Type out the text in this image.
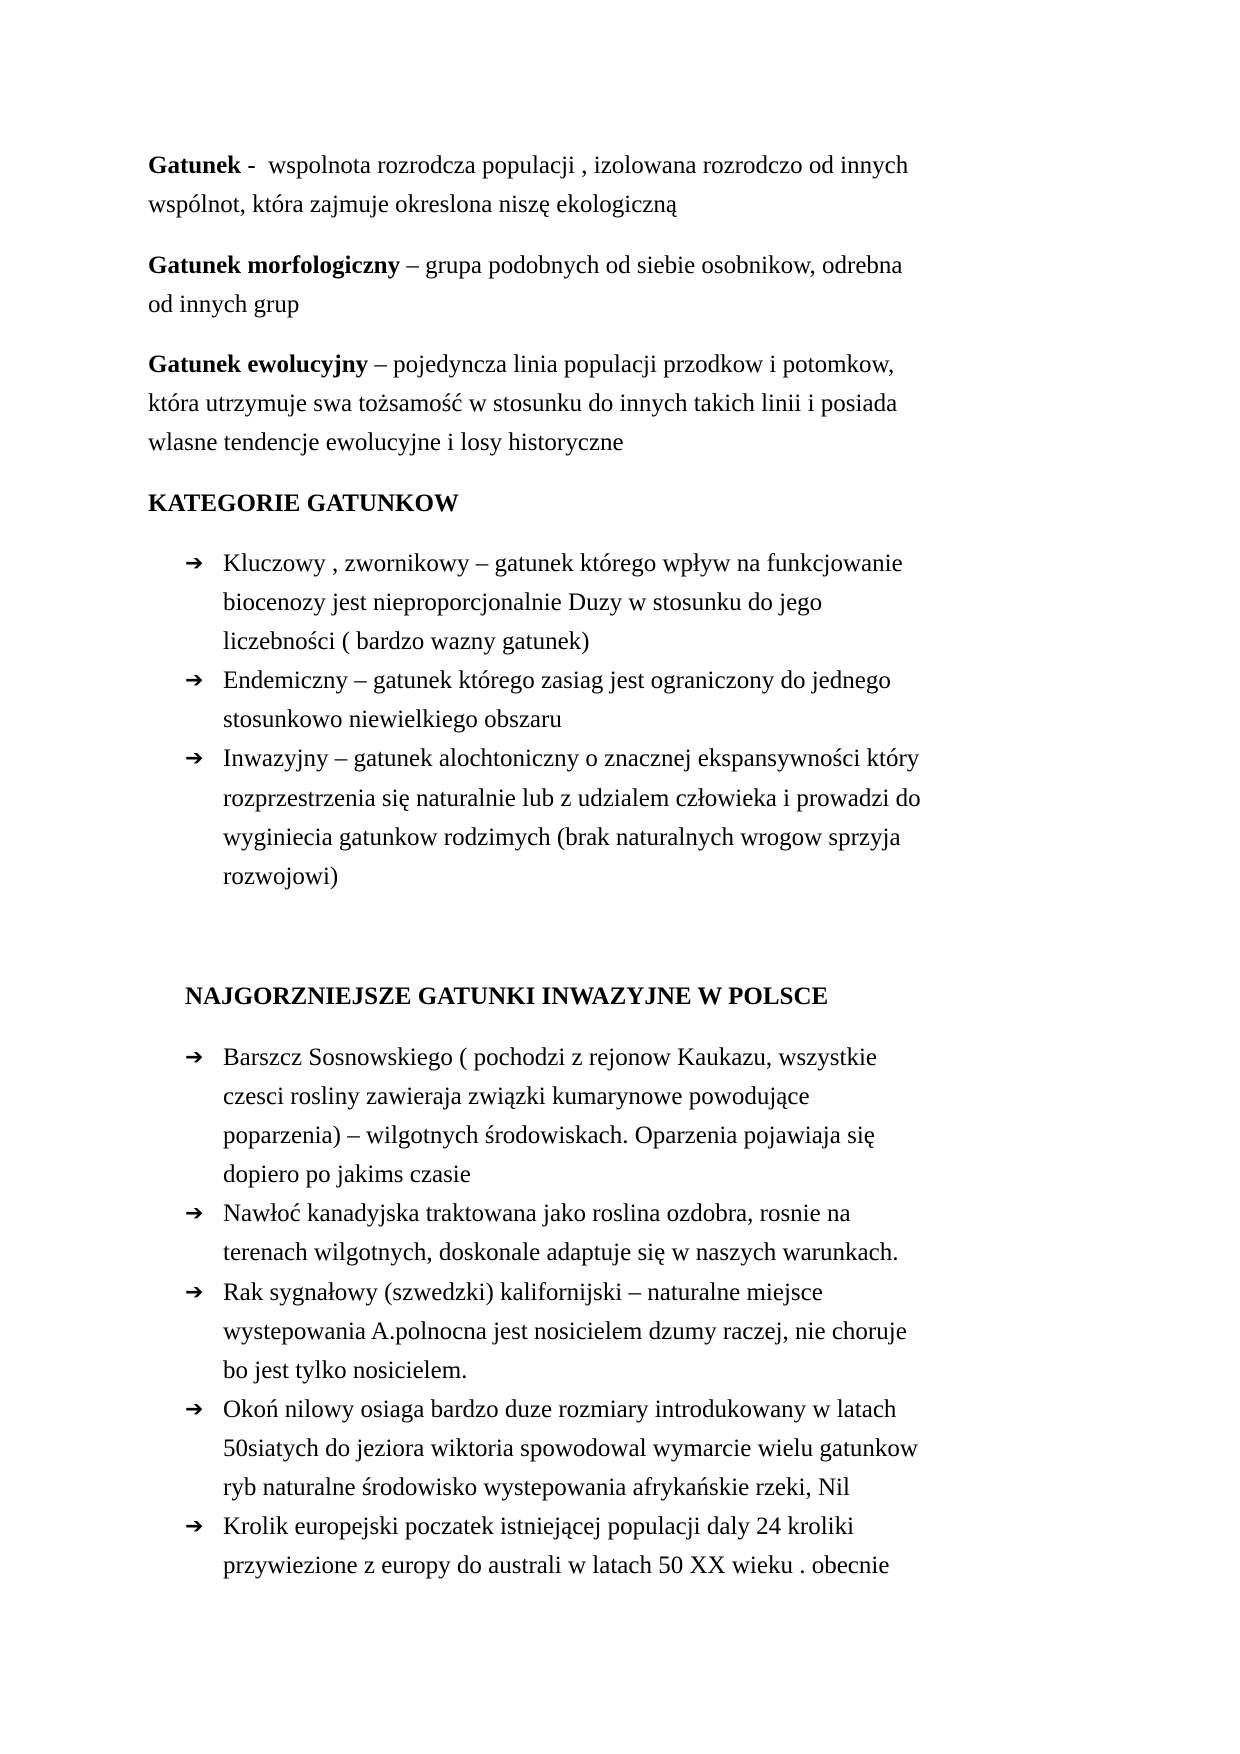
Gatunek -  wspolnota rozrodcza populacji , izolowana rozrodczo od innych
wspólnot, która zajmuje okreslona niszę ekologiczną
Gatunek morfologiczny – grupa podobnych od siebie osobnikow, odrebna
od innych grup
Gatunek ewolucyjny – pojedyncza linia populacji przodkow i potomkow,
która utrzymuje swa tożsamość w stosunku do innych takich linii i posiada
wlasne tendencje ewolucyjne i losy historyczne
KATEGORIE GATUNKOW
➔ Kluczowy , zwornikowy – gatunek którego wpływ na funkcjowanie
biocenozy jest nieproporcjonalnie Duzy w stosunku do jego
liczebności ( bardzo wazny gatunek)
➔ Endemiczny – gatunek którego zasiag jest ograniczony do jednego
stosunkowo niewielkiego obszaru
➔ Inwazyjny – gatunek alochtoniczny o znacznej ekspansywności który
rozprzestrzenia się naturalnie lub z udzialem człowieka i prowadzi do
wyginiecia gatunkow rodzimych (brak naturalnych wrogow sprzyja
rozwojowi)
NAJGORZNIEJSZE GATUNKI INWAZYJNE W POLSCE
➔ Barszcz Sosnowskiego ( pochodzi z rejonow Kaukazu, wszystkie
czesci rosliny zawieraja związki kumarynowe powodujące
poparzenia) – wilgotnych środowiskach. Oparzenia pojawiaja się
dopiero po jakims czasie
➔ Nawłoć kanadyjska traktowana jako roslina ozdobra, rosnie na
terenach wilgotnych, doskonale adaptuje się w naszych warunkach.
➔ Rak sygnałowy (szwedzki) kalifornijski – naturalne miejsce
wystepowania A.polnocna jest nosicielem dzumy raczej, nie choruje
bo jest tylko nosicielem.
➔ Okoń nilowy osiaga bardzo duze rozmiary introdukowany w latach
50siatych do jeziora wiktoria spowodowal wymarcie wielu gatunkow
ryb naturalne środowisko wystepowania afrykańskie rzeki, Nil
➔ Krolik europejski poczatek istniejącej populacji daly 24 kroliki
przywiezione z europy do australi w latach 50 XX wieku . obecnie
